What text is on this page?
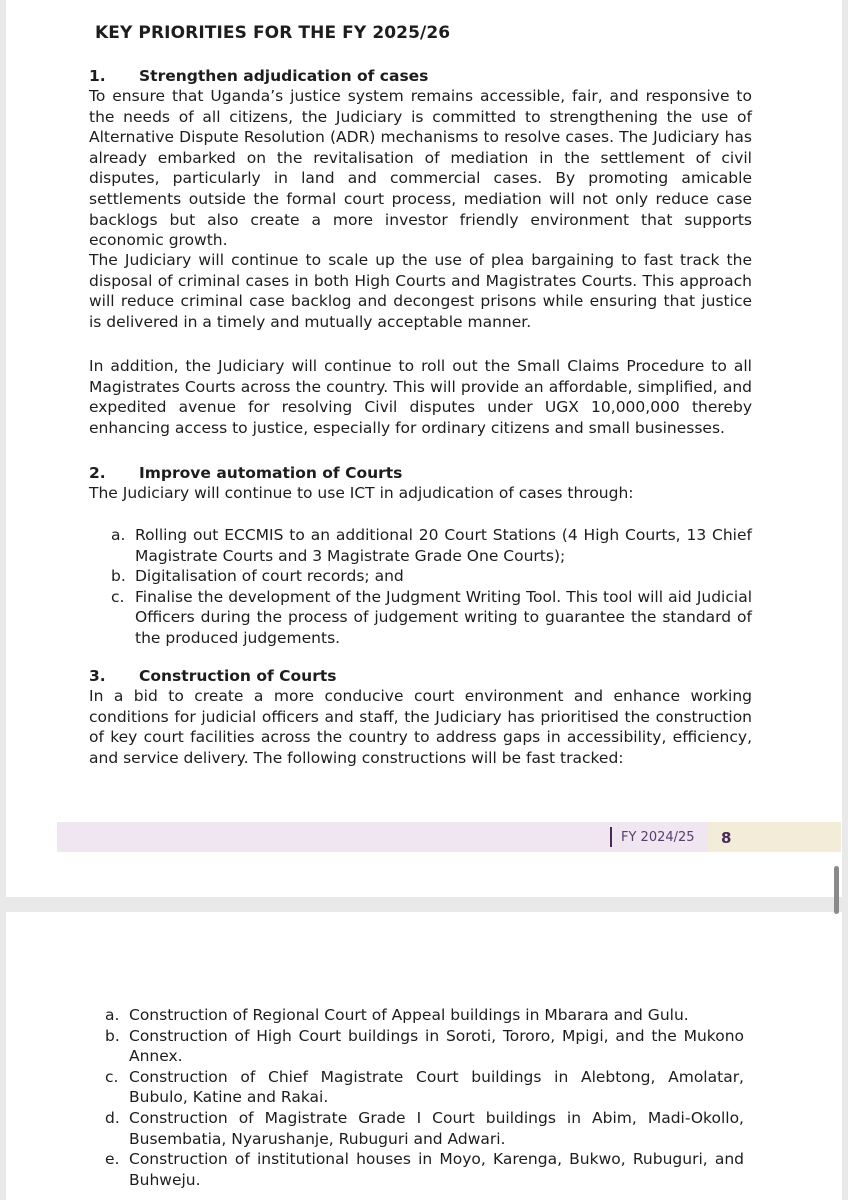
KEY PRIORITIES FOR THE FY 2025/26
1.	Strengthen adjudication of cases

To ensure that Uganda’s justice system remains accessible, fair, and responsive to the needs of all citizens, the Judiciary is committed to strengthening the use of Alternative Dispute Resolution (ADR) mechanisms to resolve cases. The Judiciary has already embarked on the revitalisation of mediation in the settlement of civil disputes, particularly in land and commercial cases. By promoting amicable settlements outside the formal court process, mediation will not only reduce case backlogs but also create a more investor friendly environment that supports economic growth.

The Judiciary will continue to scale up the use of plea bargaining to fast track the disposal of criminal cases in both High Courts and Magistrates Courts. This approach will reduce criminal case backlog and decongest prisons while ensuring that justice is delivered in a timely and mutually acceptable manner.

In addition, the Judiciary will continue to roll out the Small Claims Procedure to all Magistrates Courts across the country. This will provide an affordable, simplified, and expedited avenue for resolving Civil disputes under UGX 10,000,000 thereby enhancing access to justice, especially for ordinary citizens and small businesses.

2.	Improve automation of Courts

The Judiciary will continue to use ICT in adjudication of cases through:

a. Rolling out ECCMIS to an additional 20 Court Stations (4 High Courts, 13 Chief Magistrate Courts and 3 Magistrate Grade One Courts);
b. Digitalisation of court records; and
c. Finalise the development of the Judgment Writing Tool. This tool will aid Judicial Officers during the process of judgement writing to guarantee the standard of the produced judgements.
3.	Construction of Courts

In a bid to create a more conducive court environment and enhance working conditions for judicial officers and staff, the Judiciary has prioritised the construction of key court facilities across the country to address gaps in accessibility, efficiency, and service delivery. The following constructions will be fast tracked:

FY 2024/25 8
a. Construction of Regional Court of Appeal buildings in Mbarara and Gulu.
b. Construction of High Court buildings in Soroti, Tororo, Mpigi, and the Mukono Annex.
c. Construction of Chief Magistrate Court buildings in Alebtong, Amolatar, Bubulo, Katine and Rakai.
d. Construction of Magistrate Grade I Court buildings in Abim, Madi-Okollo, Busembatia, Nyarushanje, Rubuguri and Adwari.
e. Construction of institutional houses in Moyo, Karenga, Bukwo, Rubuguri, and Buhweju.
